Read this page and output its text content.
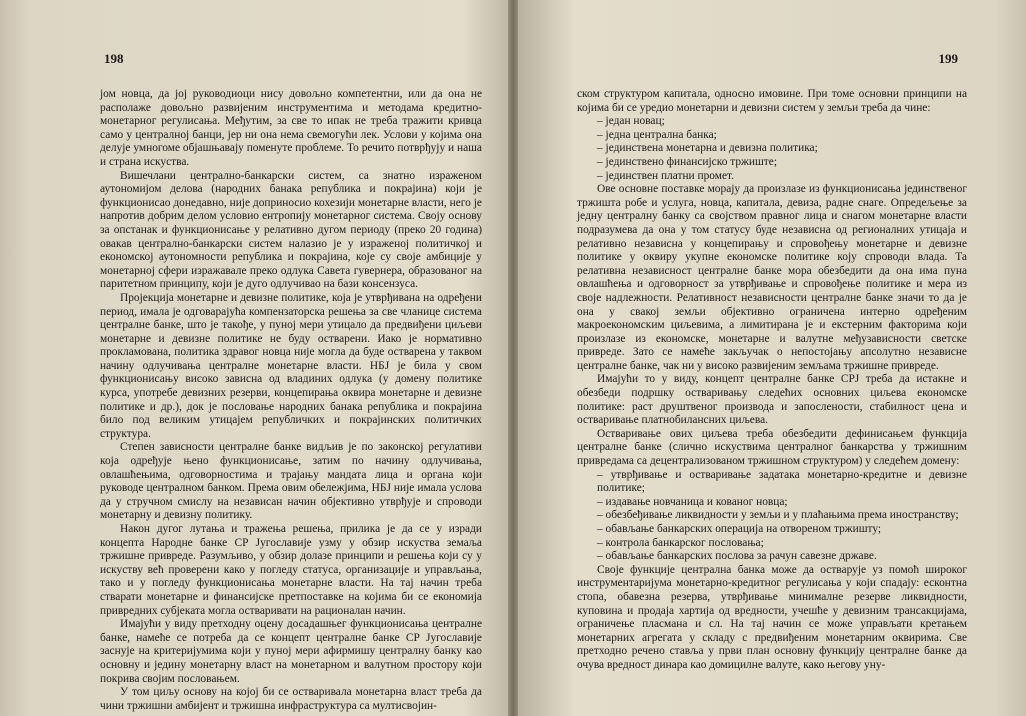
198

јом новца, да јој руководиоци нису довољно компетентни, или да она не располаже довољно развијеним инструментима и методама кредитно-монетарног регулисања. Међутим, за све то ипак не треба тражити кривца само у централној банци, јер ни она нема свемогући лек. Услови у којима она делује умногоме објашњавају поменуте проблеме. То речито потврђују и наша и страна искуства.

Вишечлани централно-банкарски систем, са знатно израженом аутономијом делова (народних банака република и покрајина) који је функционисао донедавно, није доприносио кохезији монетарне власти, него је напротив добрим делом условио ентропију монетарног система. Своју основу за опстанак и функционисање у релативно дугом периоду (преко 20 година) овакав централно-банкарски систем налазио је у израженој политичкој и економској аутономности република и покрајина, које су своје амбиције у монетарној сфери изражавале преко одлука Савета гувернера, образованог на паритетном принципу, који је дуго одлучивао на бази консензуса.

Пројекција монетарне и девизне политике, која је утврђивана на одређени период, имала је одговарајућа компензаторска решења за све чланице система централне банке, што је такође, у пуној мери утицало да предвиђени циљеви монетарне и девизне политике не буду остварени. Иако је нормативно прокламована, политика здравог новца није могла да буде остварена у таквом начину одлучивања централне монетарне власти. НБЈ је била у свом функционисању високо зависна од владиних одлука (у домену политике курса, употребе девизних резерви, концепирања оквира монетарне и девизне политике и др.), док је пословање народних банака република и покрајина било под великим утицајем републичких и покрајинских политичких структура.

Степен зависности централне банке видљив је по законској регулативи која одређује њено функционисање, затим по начину одлучивања, овлашћењима, одговорностима и трајању мандата лица и органа који руководе централном банком. Према овим обележјима, НБЈ није имала услова да у стручном смислу на независан начин објективно утврђује и спроводи монетарну и девизну политику.

Након дугог лутања и тражења решења, прилика је да се у изради концепта Народне банке СР Југославије узму у обзир искуства земаља тржишне привреде. Разумљиво, у обзир долазе принципи и решења који су у искуству већ проверени како у погледу статуса, организације и управљања, тако и у погледу функционисања монетарне власти. На тај начин треба стварати монетарне и финансијске претпоставке на којима би се економија привредних субјеката могла остваривати на рационалан начин.

Имајући у виду претходну оцену досадашњег функционисања централне банке, намеће се потреба да се концепт централне банке СР Југославије заснује на критеријумима који у пуној мери афирмишу централну банку као основну и једину монетарну власт на монетарном и валутном простору који покрива својим пословањем.

У том циљу основу на којој би се остваривала монетарна власт треба да чини тржишни амбијент и тржишна инфраструктура са мултисвојин-

199

ском структуром капитала, односно имовине. При томе основни принципи на којима би се уредио монетарни и девизни систем у земљи треба да чине:

– један новац;
– једна централна банка;
– јединствена монетарна и девизна политика;
– јединствено финансијско тржиште;
– јединствен платни промет.

Ове основне поставке морају да произлазе из функционисања јединственог тржишта робе и услуга, новца, капитала, девиза, радне снаге. Опредељење за једну централну банку са својством правног лица и снагом монетарне власти подразумева да она у том статусу буде независна од регионалних утицаја и релативно независна у концепирању и спровођењу монетарне и девизне политике у оквиру укупне економске политике коју спроводи влада. Та релативна независност централне банке мора обезбедити да она има пуна овлашћења и одговорност за утврђивање и спровођење политике и мера из своје надлежности. Релативност независности централне банке значи то да је она у свакој земљи објективно ограничена интерно одређеним макроекономским циљевима, а лимитирана је и екстерним факторима који произлазе из економске, монетарне и валутне међузависности светске привреде. Зато се намеће закључак о непостојању апсолутно независне централне банке, чак ни у високо развијеним земљама тржишне привреде.

Имајући то у виду, концепт централне банке СРЈ треба да истакне и обезбеди подршку остваривању следећих основних циљева економске политике: раст друштвеног производа и запослености, стабилност цена и остваривање платнобилансних циљева.

Остваривање ових циљева треба обезбедити дефинисањем функција централне банке (слично искуствима централног банкарства у тржишним привредама са децентрализованом тржишном структуром) у следећем домену:

– утврђивање и остваривање задатака монетарно-кредитне и девизне политике;
– издавање новчаница и кованог новца;
– обезбеђивање ликвидности у земљи и у плаћањима према иностранству;
– обављање банкарских операција на отвореном тржишту;
– контрола банкарског пословања;
– обављање банкарских послова за рачун савезне државе.

Своје функције централна банка може да остварује уз помоћ широког инструментаријума монетарно-кредитног регулисања у који спадају: есконтна стопа, обавезна резерва, утврђивање минималне резерве ликвидности, куповина и продаја хартија од вредности, учешће у девизним трансакцијама, ограничење пласмана и сл. На тај начин се може управљати кретањем монетарних агрегата у складу с предвиђеним монетарним оквирима. Све претходно речено ставља у први план основну функцију централне банке да очува вредност динара као домицилне валуте, како његову уну-
